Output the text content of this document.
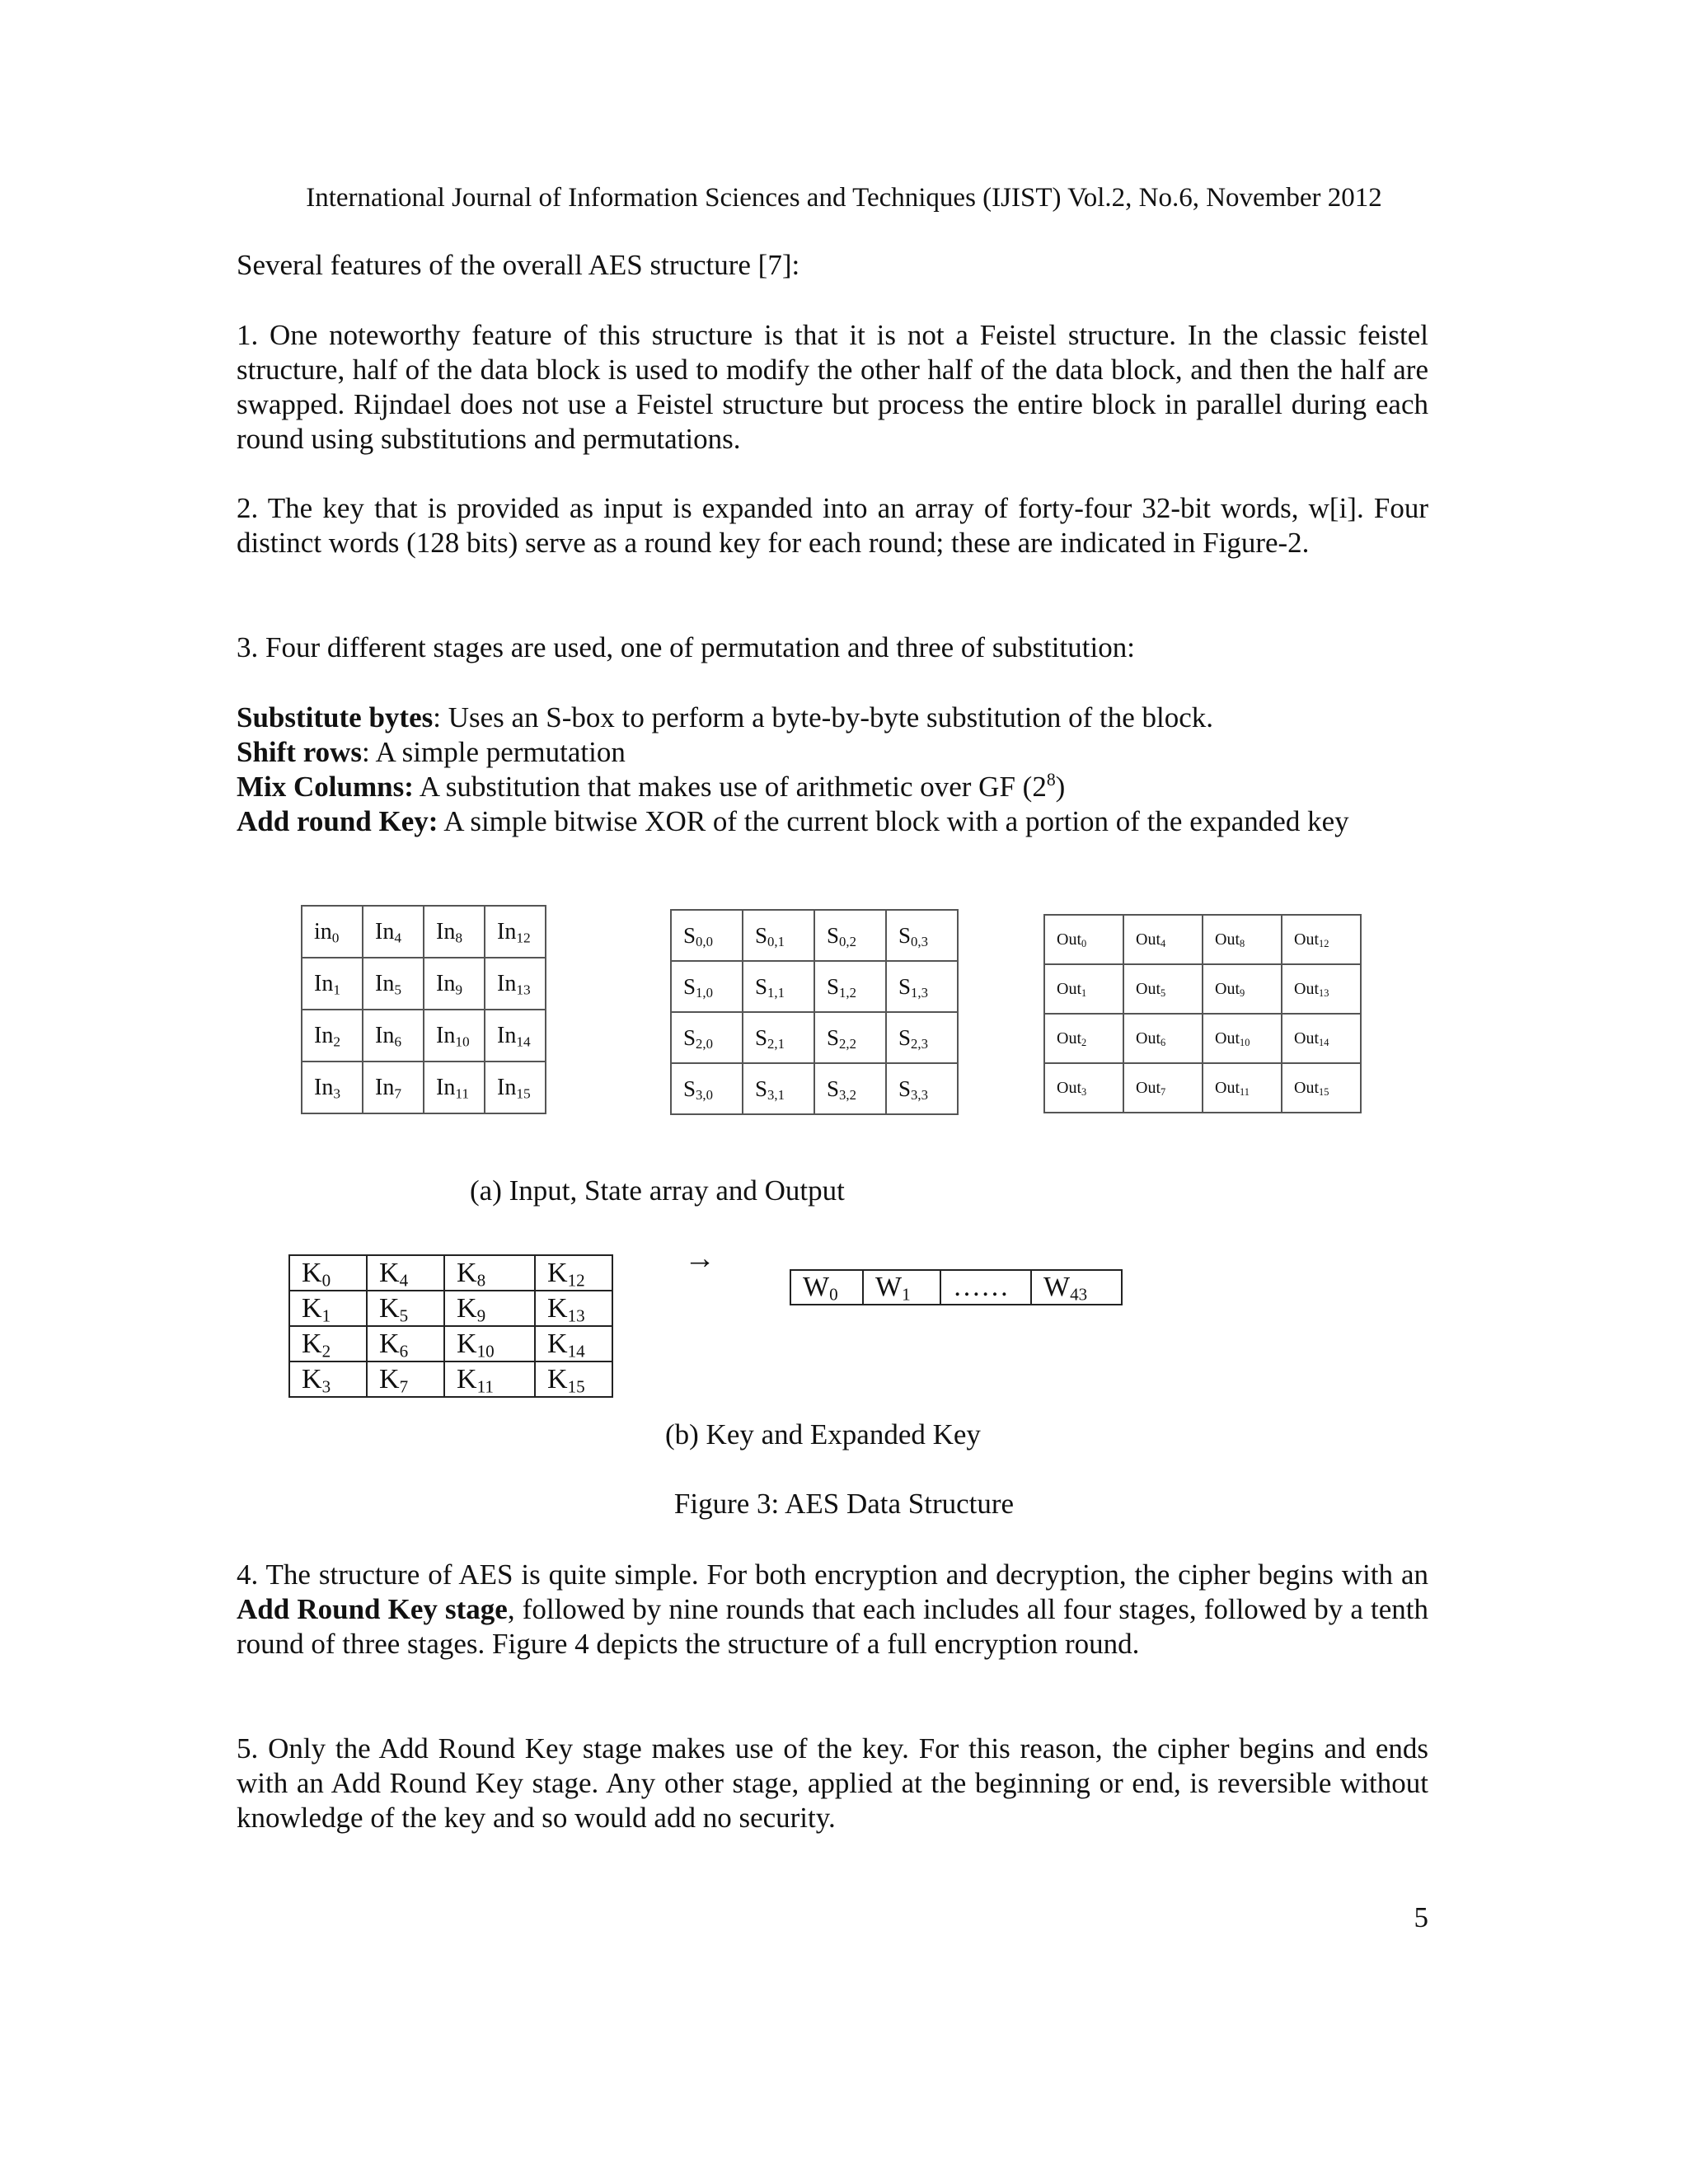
International Journal of Information Sciences and Techniques (IJIST) Vol.2, No.6, November 2012
Several features of the overall AES structure [7]:
1. One noteworthy feature of this structure is that it is not a Feistel structure. In the classic feistel structure, half of the data block is used to modify the other half of the data block, and then the half are swapped. Rijndael does not use a Feistel structure but process the entire block in parallel during each round using substitutions and permutations.
2. The key that is provided as input is expanded into an array of forty-four 32-bit words, w[i]. Four distinct words (128 bits) serve as a round key for each round; these are indicated in Figure-2.
3. Four different stages are used, one of permutation and three of substitution:
Substitute bytes: Uses an S-box to perform a byte-by-byte substitution of the block.
Shift rows: A simple permutation
Mix Columns: A substitution that makes use of arithmetic over GF $(2^8)$
Add round Key: A simple bitwise XOR of the current block with a portion of the expanded key
$in_0$	$In_4$	$In_8$	$In_{12}$
$In_1$	$In_5$	$In_9$	$In_{13}$
$In_2$	$In_6$	$In_{10}$	$In_{14}$
$In_3$	$In_7$	$In_{11}$	$In_{15}$
$S_{0,0}$	$S_{0,1}$	$S_{0,2}$	$S_{0,3}$
$S_{1,0}$	$S_{1,1}$	$S_{1,2}$	$S_{1,3}$
$S_{2,0}$	$S_{2,1}$	$S_{2,2}$	$S_{2,3}$
$S_{3,0}$	$S_{3,1}$	$S_{3,2}$	$S_{3,3}$
Out$_0$	Out$_4$	Out$_8$	Out$_{12}$
Out$_1$	Out$_5$	Out$_9$	Out$_{13}$
Out$_2$	Out$_6$	Out$_{10}$	Out$_{14}$
Out$_3$	Out$_7$	Out$_{11}$	Out$_{15}$
(a) Input, State array and Output
$K_0$	$K_4$	$K_8$	$K_{12}$
$K_1$	$K_5$	$K_9$	$K_{13}$
$K_2$	$K_6$	$K_{10}$	$K_{14}$
$K_3$	$K_7$	$K_{11}$	$K_{15}$
→
$W_0$	$W_1$	……	$W_{43}$
(b) Key and Expanded Key
Figure 3: AES Data Structure
4. The structure of AES is quite simple. For both encryption and decryption, the cipher begins with an Add Round Key stage, followed by nine rounds that each includes all four stages, followed by a tenth round of three stages. Figure 4 depicts the structure of a full encryption round.
5. Only the Add Round Key stage makes use of the key. For this reason, the cipher begins and ends with an Add Round Key stage. Any other stage, applied at the beginning or end, is reversible without knowledge of the key and so would add no security.
5
